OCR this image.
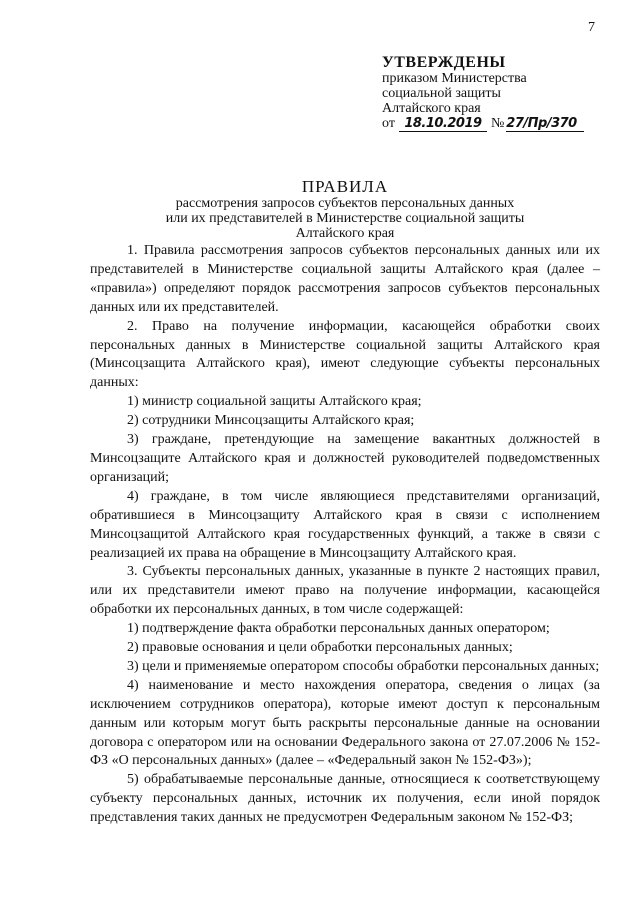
7
УТВЕРЖДЕНЫ
приказом Министерства
социальной защиты
Алтайского края
от 18.10.2019 № 27/Пр/370
ПРАВИЛА
рассмотрения запросов субъектов персональных данных
или их представителей в Министерстве социальной защиты
Алтайского края

1. Правила рассмотрения запросов субъектов персональных данных или их представителей в Министерстве социальной защиты Алтайского края (далее – «правила») определяют порядок рассмотрения запросов субъектов персональных данных или их представителей.

2. Право на получение информации, касающейся обработки своих персональных данных в Министерстве социальной защиты Алтайского края (Минсоцзащита Алтайского края), имеют следующие субъекты персональных данных:

1) министр социальной защиты Алтайского края;

2) сотрудники Минсоцзащиты Алтайского края;

3) граждане, претендующие на замещение вакантных должностей в Минсоцзащите Алтайского края и должностей руководителей подведомственных организаций;

4) граждане, в том числе являющиеся представителями организаций, обратившиеся в Минсоцзащиту Алтайского края в связи с исполнением Минсоцзащитой Алтайского края государственных функций, а также в связи с реализацией их права на обращение в Минсоцзащиту Алтайского края.

3. Субъекты персональных данных, указанные в пункте 2 настоящих правил, или их представители имеют право на получение информации, касающейся обработки их персональных данных, в том числе содержащей:

1) подтверждение факта обработки персональных данных оператором;

2) правовые основания и цели обработки персональных данных;

3) цели и применяемые оператором способы обработки персональных данных;

4) наименование и место нахождения оператора, сведения о лицах (за исключением сотрудников оператора), которые имеют доступ к персональным данным или которым могут быть раскрыты персональные данные на основании договора с оператором или на основании Федерального закона от 27.07.2006 № 152-ФЗ «О персональных данных» (далее – «Федеральный закон № 152-ФЗ»);

5) обрабатываемые персональные данные, относящиеся к соответствующему субъекту персональных данных, источник их получения, если иной порядок представления таких данных не предусмотрен Федеральным законом № 152-ФЗ;
